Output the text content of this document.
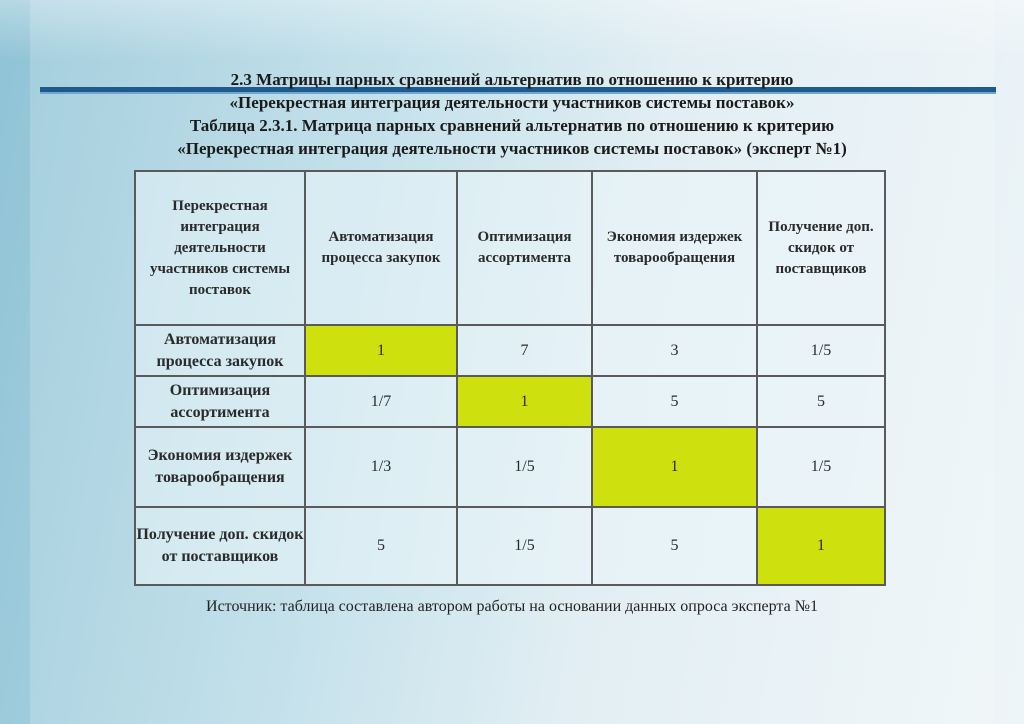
2.3 Матрицы парных сравнений альтернатив по отношению к критерию
«Перекрестная интеграция деятельности участников системы поставок»
Таблица 2.3.1. Матрица парных сравнений альтернатив по отношению к критерию
«Перекрестная интеграция деятельности участников системы поставок» (эксперт №1)
Перекрестная интеграция деятельности участников системы поставок	Автоматизация процесса закупок	Оптимизация ассортимента	Экономия издержек товарообращения	Получение доп. скидок от поставщиков
Автоматизация процесса закупок	1	7	3	1/5
Оптимизация ассортимента	1/7	1	5	5
Экономия издержек товарообращения	1/3	1/5	1	1/5
Получение доп. скидок от поставщиков	5	1/5	5	1
Источник: таблица составлена автором работы на основании данных опроса эксперта №1
